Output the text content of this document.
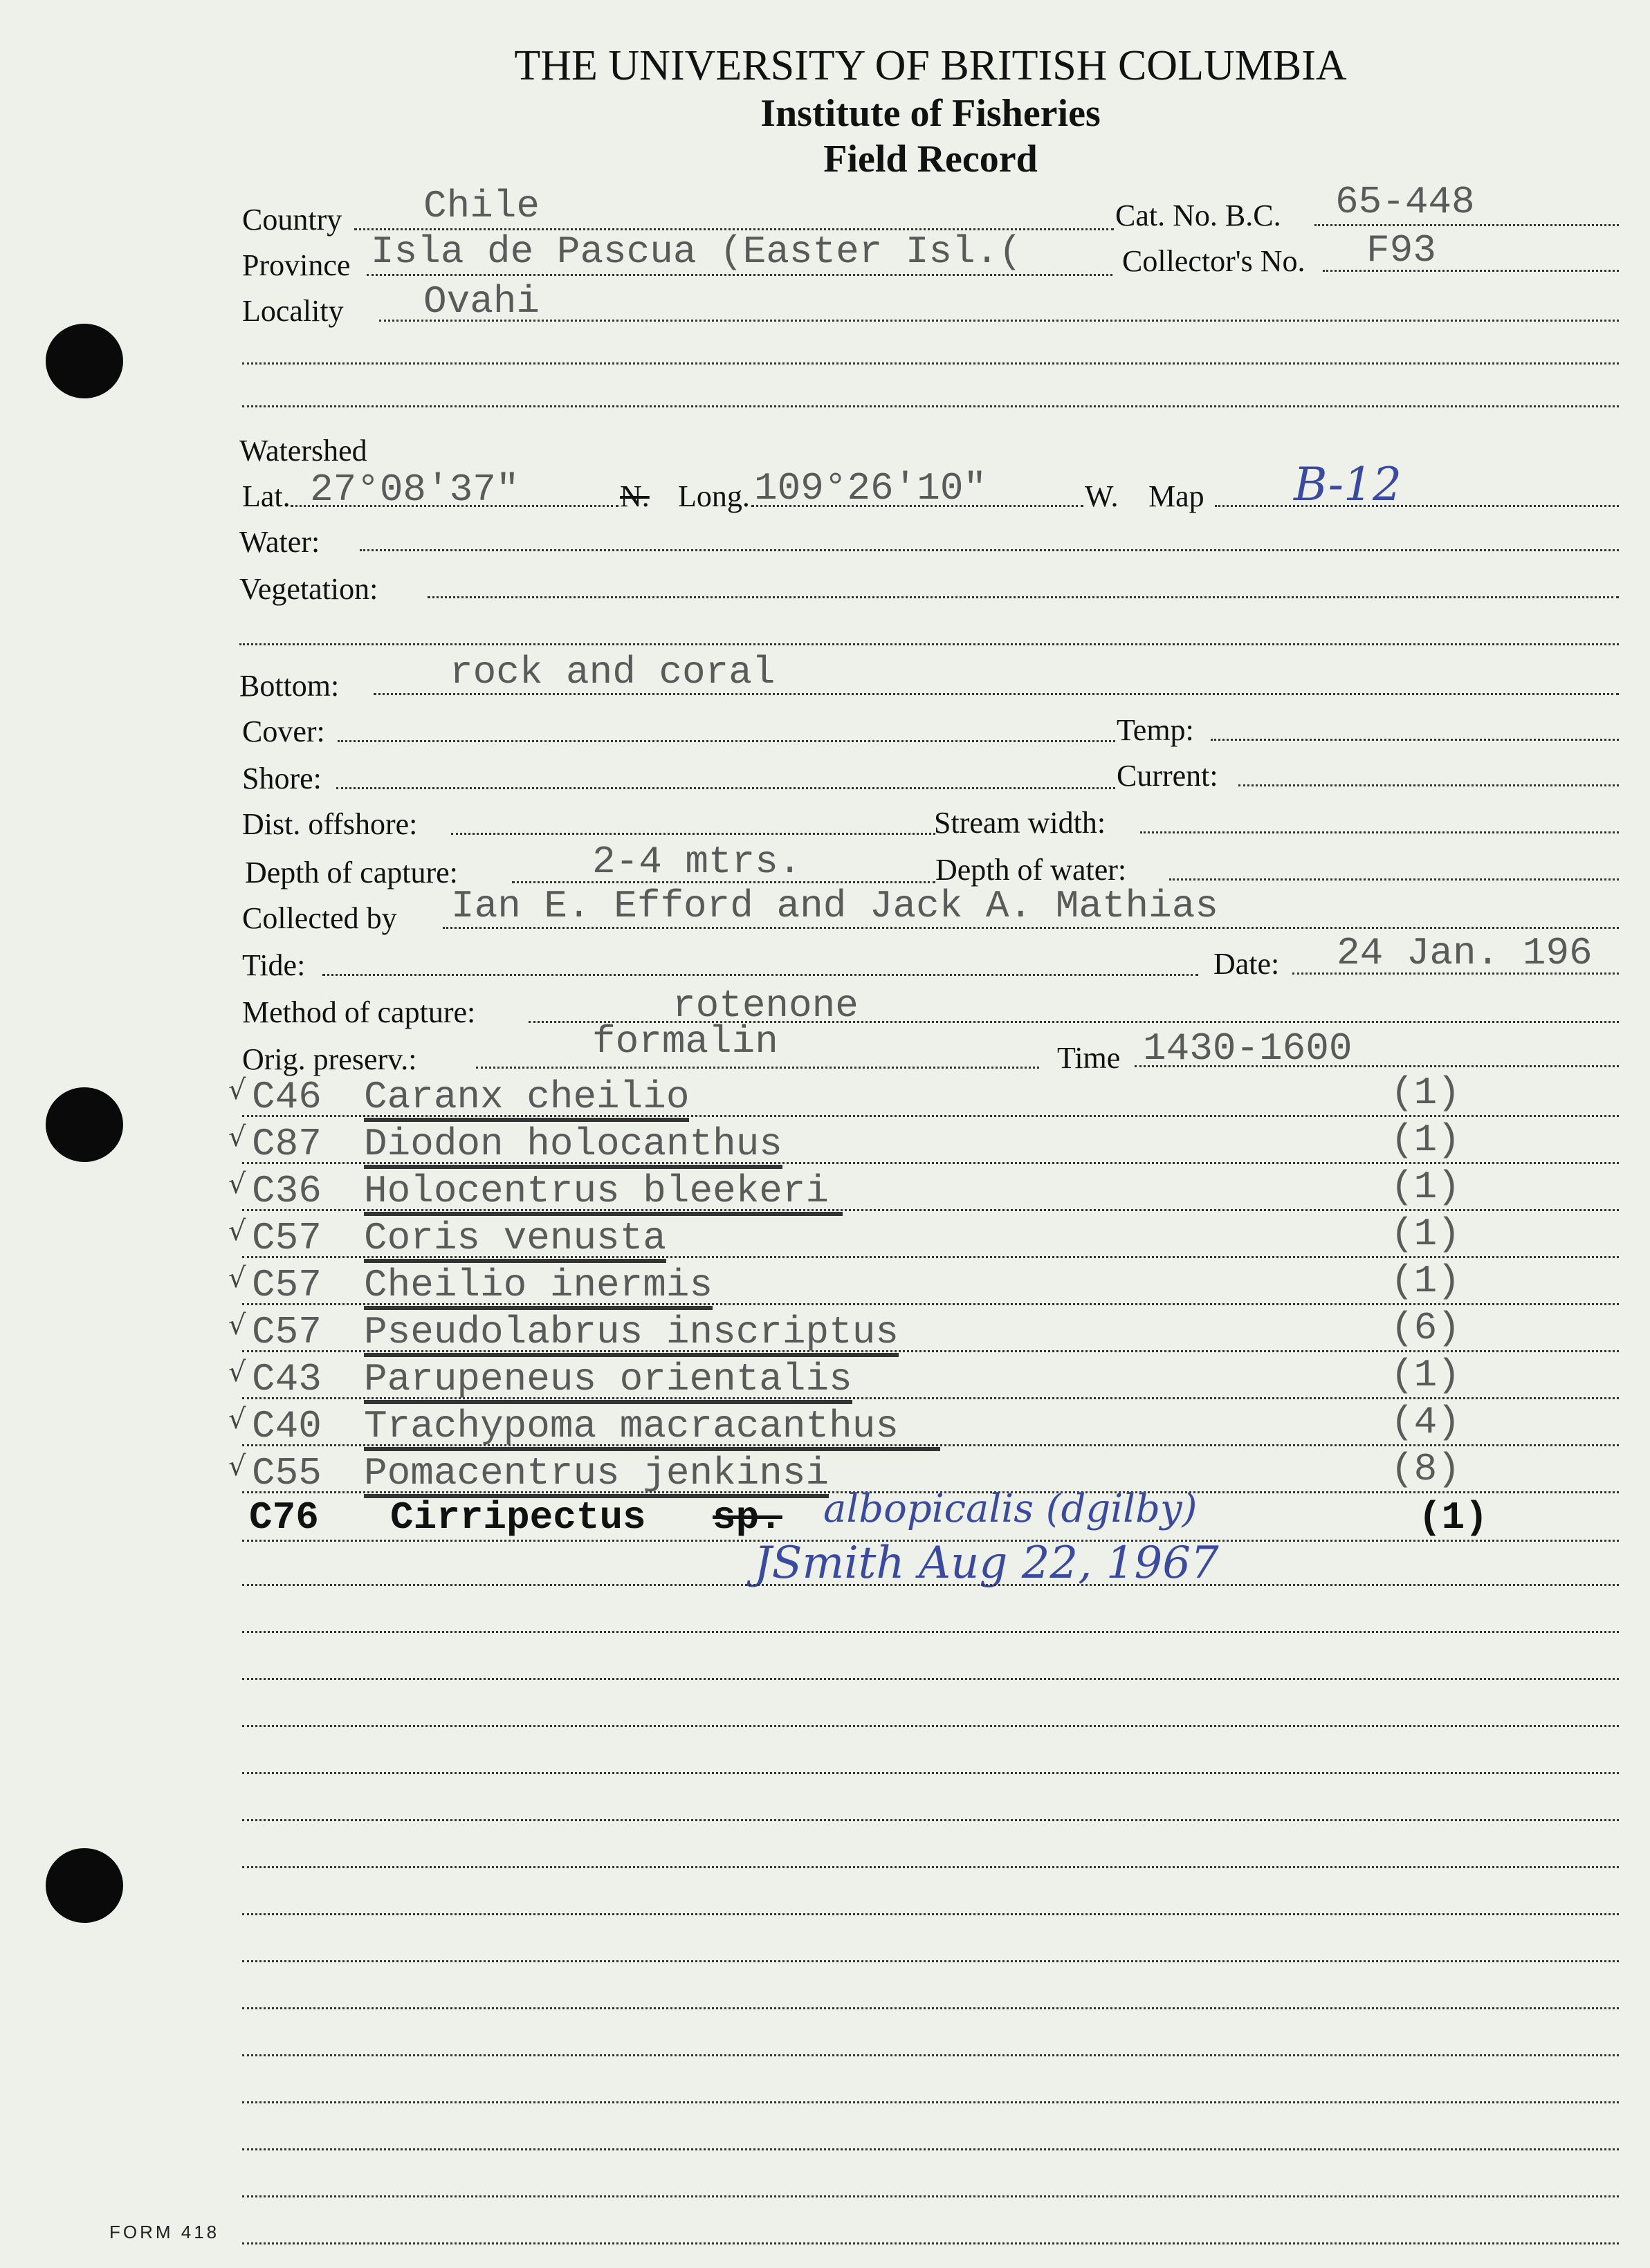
THE UNIVERSITY OF BRITISH COLUMBIA
Institute of Fisheries
Field Record
Country Chile	Cat. No. B.C. 65-448
Province Isla de Pascua (Easter Isl.(	Collector's No. F93
Locality Ovahi
Watershed
Lat. 27°08'37"	N. Long. 109°26'10"	W. Map B-12
Water:
Vegetation:
Bottom:	rock and coral
Cover:	Temp:
Shore:	Current:
Dist. offshore:	Stream width:
Depth of capture:	2-4 mtrs.	Depth of water:
Collected by Ian E. Efford and Jack A. Mathias
Tide:	Date: 24 Jan. 196
Method of capture:	rotenone
Orig. preserv.:	formalin	Time 1430-1600
√ C46 Caranx cheilio	(1)
√ C87 Diodon holocanthus	(1)
√ C36 Holocentrus bleekeri	(1)
√ C57 Coris venusta	(1)
√ C57 Cheilio inermis	(1)
√ C57 Pseudolabrus inscriptus	(6)
√ C43 Parupeneus orientalis	(1)
√ C40 Trachypoma macracanthus	(4)
√ C55 Pomacentrus jenkinsi	(8)
C76 Cirripectus sp. albopicalis (dgilby)	(1)
JSmith Aug 22, 1967
FORM 418
